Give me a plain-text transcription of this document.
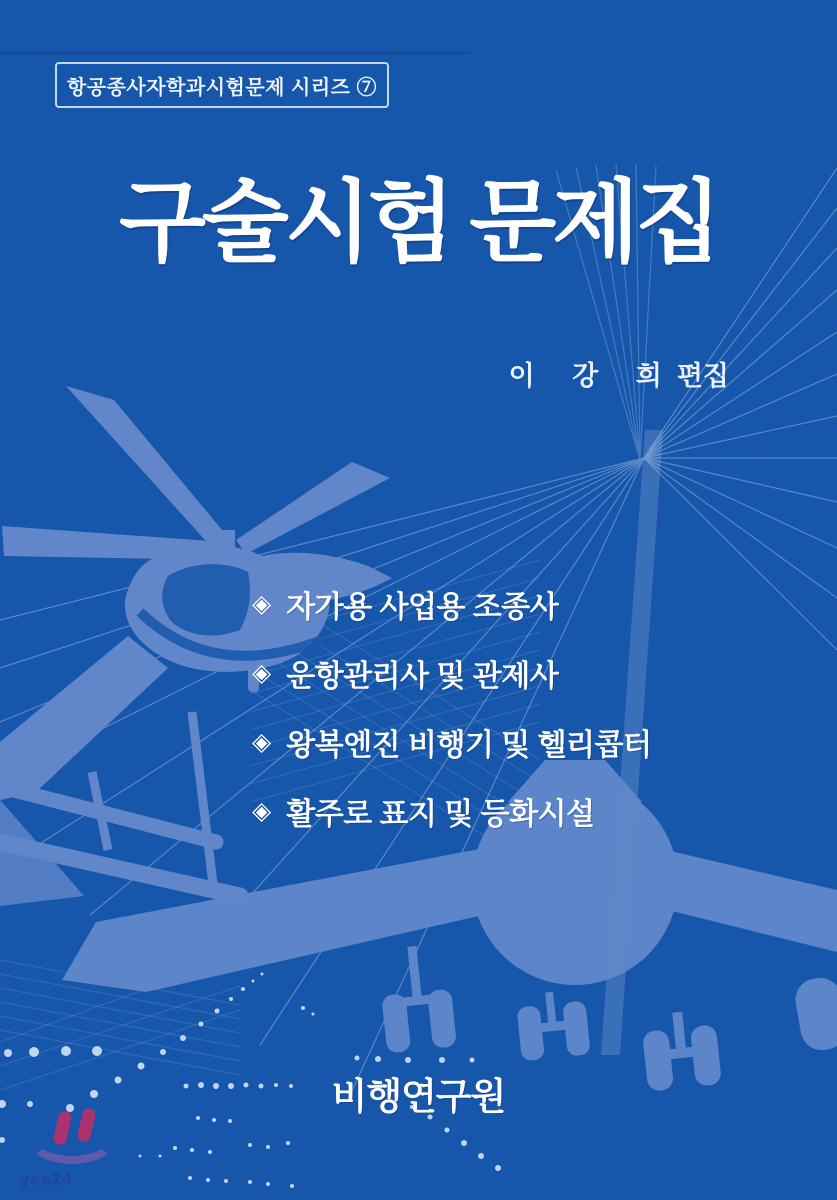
항공종사자학과시험문제 시리즈 ⑦
구술시험 문제집
이 강 희 편집
◈ 자가용 사업용 조종사
◈ 운항관리사 및 관제사
◈ 왕복엔진 비행기 및 헬리콥터
◈ 활주로 표지 및 등화시설
비행연구원
yes24
